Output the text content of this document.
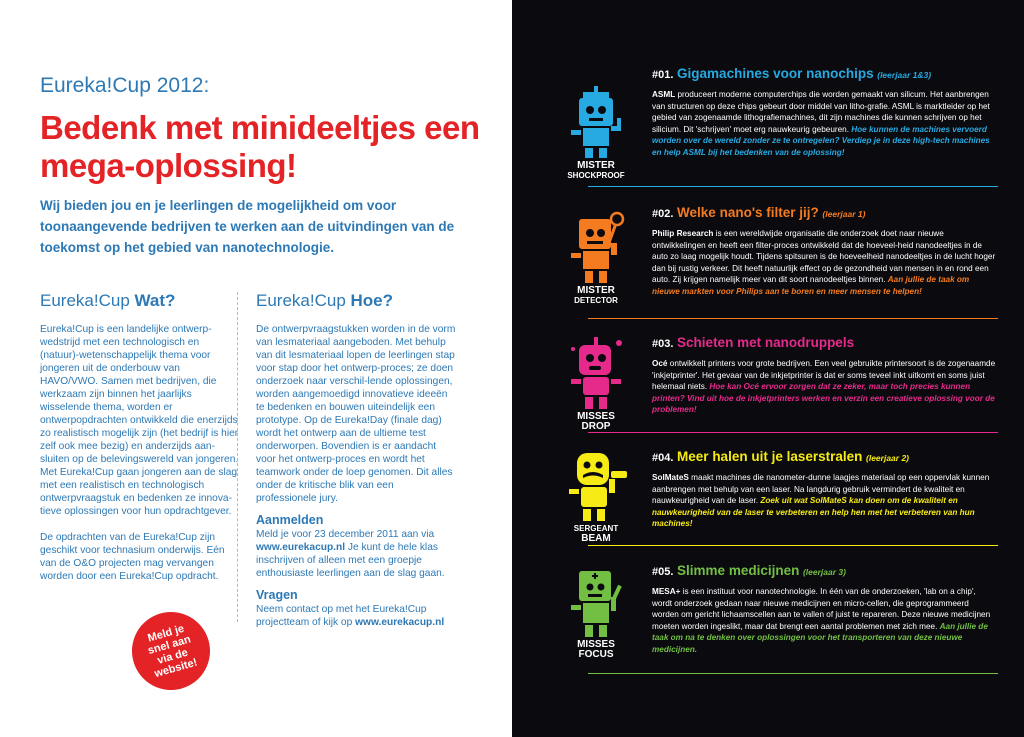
Eureka!Cup 2012:
Bedenk met minideeltjes een mega-oplossing!
Wij bieden jou en je leerlingen de mogelijkheid om voor toonaangevende bedrijven te werken aan de uitvindingen van de toekomst op het gebied van nanotechnologie.
Eureka!Cup Wat?

Eureka!Cup is een landelijke ontwerp-wedstrijd met een technologisch en (natuur)-wetenschappelijk thema voor jongeren uit de onderbouw van HAVO/VWO. Samen met bedrijven, die werkzaam zijn binnen het jaarlijks wisselende thema, worden er ontwerpopdrachten ontwikkeld die enerzijds zo realistisch mogelijk zijn (het bedrijf is hier zelf ook mee bezig) en anderzijds aan-sluiten op de belevingswereld van jongeren. Met Eureka!Cup gaan jongeren aan de slag met een realistisch en technologisch ontwerpvraagstuk en bedenken ze innova-tieve oplossingen voor hun opdrachtgever.

De opdrachten van de Eureka!Cup zijn geschikt voor technasium onderwijs. Eén van de O&O projecten mag vervangen worden door een Eureka!Cup opdracht.

Eureka!Cup Hoe?

De ontwerpvraagstukken worden in de vorm van lesmateriaal aangeboden. Met behulp van dit lesmateriaal lopen de leerlingen stap voor stap door het ontwerp-proces; ze doen onderzoek naar verschil-lende oplossingen, worden aangemoedigd innovatieve ideeën te bedenken en bouwen uiteindelijk een prototype. Op de Eureka!Day (finale dag) wordt het ontwerp aan de ultieme test onderworpen. Bovendien is er aandacht voor het ontwerp-proces en wordt het teamwork onder de loep genomen. Dit alles onder de kritische blik van een professionele jury.

Aanmelden

Meld je voor 23 december 2011 aan via www.eurekacup.nl Je kunt de hele klas inschrijven of alleen met een groepje enthousiaste leerlingen aan de slag gaan.

Vragen

Neem contact op met het Eureka!Cup projectteam of kijk op www.eurekacup.nl

Meld je snel aan via de website!
MISTER
SHOCKPROOF
#01. Gigamachines voor nanochips (leerjaar 1&3)

ASML produceert moderne computerchips die worden gemaakt van silicum. Het aanbrengen van structuren op deze chips gebeurt door middel van litho-grafie. ASML is marktleider op het gebied van zogenaamde lithografiemachines, dit zijn machines die kunnen schrijven op het silicium. Dit 'schrijven' moet erg nauwkeurig gebeuren. Hoe kunnen de machines vervoerd worden over de wereld zonder ze te ontregelen? Verdiep je in deze high-tech machines en help ASML bij het bedenken van de oplossing!

MISTER
DETECTOR
#02. Welke nano's filter jij? (leerjaar 1)

Philip Research is een wereldwijde organisatie die onderzoek doet naar nieuwe ontwikkelingen en heeft een filter-proces ontwikkeld dat de hoeveel-heid nanodeeltjes in de auto zo laag mogelijk houdt. Tijdens spitsuren is de hoeveelheid nanodeeltjes in de lucht hoger dan bij rustig verkeer. Dit heeft natuurlijk effect op de gezondheid van mensen in en rond een auto. Zij krijgen namelijk meer van dit soort nanodeeltjes binnen. Aan jullie de taak om nieuwe markten voor Philips aan te boren en meer mensen te helpen!

MISSES
DROP
#03. Schieten met nanodruppels

Océ ontwikkelt printers voor grote bedrijven. Een veel gebruikte printersoort is de zogenaamde 'inkjetprinter'. Het gevaar van de inkjetprinter is dat er soms teveel inkt uitkomt en soms juist helemaal niets. Hoe kan Océ ervoor zorgen dat ze zeker, maar toch precies kunnen printen? Vind uit hoe de inkjetprinters werken en verzin een creatieve oplossing voor de problemen!

SERGEANT
BEAM
#04. Meer halen uit je laserstralen (leerjaar 2)

SolMateS maakt machines die nanometer-dunne laagjes materiaal op een oppervlak kunnen aanbrengen met behulp van een laser. Na langdurig gebruik vermindert de kwaliteit en nauwkeurigheid van de laser. Zoek uit wat SolMateS kan doen om de kwaliteit en nauwkeurigheid van de laser te verbeteren en help hen met het verbeteren van hun machines!

MISSES
FOCUS
#05. Slimme medicijnen (leerjaar 3)

MESA+ is een instituut voor nanotechnologie. In één van de onderzoeken, 'lab on a chip', wordt onderzoek gedaan naar nieuwe medicijnen en micro-cellen, die geprogrammeerd worden om gericht lichaamscellen aan te vallen of juist te repareren. Deze nieuwe medicijnen moeten worden ingeslikt, maar dat brengt een aantal problemen met zich mee. Aan jullie de taak om na te denken over oplossingen voor het transporteren van deze nieuwe medicijnen.
